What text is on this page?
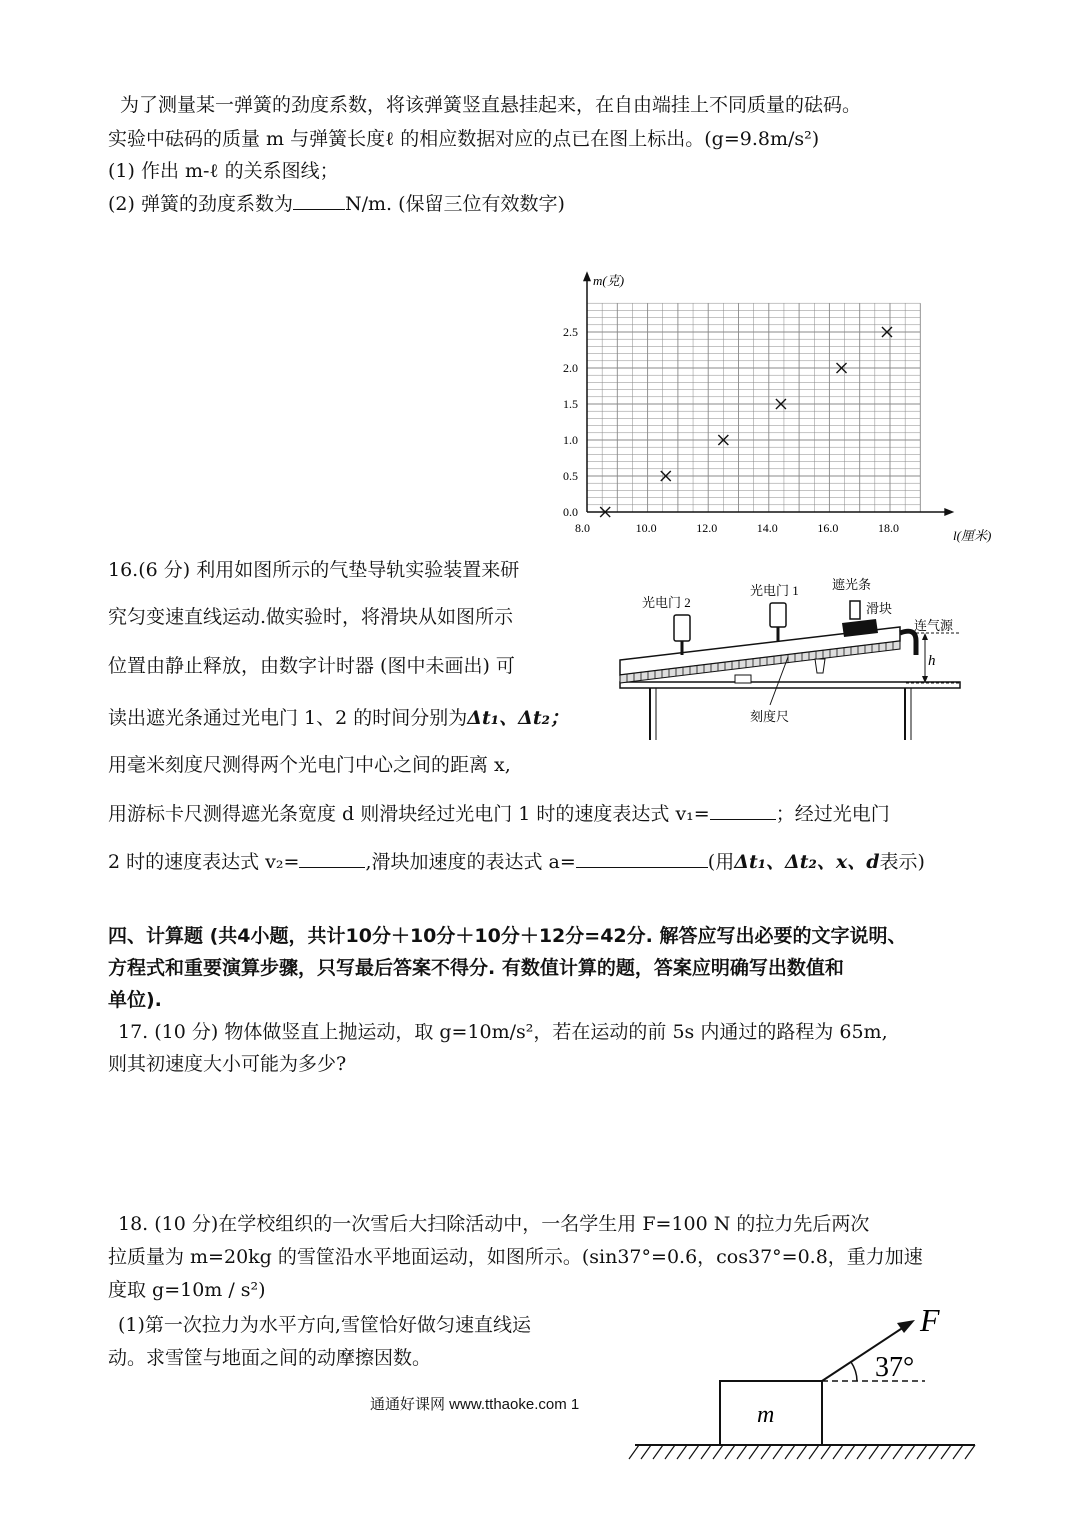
为了测量某一弹簧的劲度系数，将该弹簧竖直悬挂起来，在自由端挂上不同质量的砝码。
实验中砝码的质量 m 与弹簧长度ℓ 的相应数据对应的点已在图上标出。(g=9.8m/s²)
(1) 作出 m-ℓ 的关系图线；
(2) 弹簧的劲度系数为	N/m. (保留三位有效数字)
8.0	10.0	12.0	14.0	16.0	18.0
0.0
0.5
1.0
1.5
2.0
2.5
m(克)
l(厘米)
16.(6 分) 利用如图所示的气垫导轨实验装置来研
究匀变速直线运动.做实验时，将滑块从如图所示
位置由静止释放，由数字计时器 (图中未画出) 可
读出遮光条通过光电门 1、2 的时间分别为Δt₁、Δt₂；
用毫米刻度尺测得两个光电门中心之间的距离 x,
用游标卡尺测得遮光条宽度 d 则滑块经过光电门 1 时的速度表达式 v₁=	；经过光电门
2 时的速度表达式 v₂=	,滑块加速度的表达式 a=	(用Δt₁、Δt₂、x、d表示)
光电门 2
光电门 1	遮光条
滑块
连气源
h
刻度尺
四、计算题 (共4小题，共计10分＋10分＋10分＋12分=42分. 解答应写出必要的文字说明、
方程式和重要演算步骤，只写最后答案不得分. 有数值计算的题，答案应明确写出数值和
单位).
17. (10 分) 物体做竖直上抛运动，取 g=10m/s²，若在运动的前 5s 内通过的路程为 65m,
则其初速度大小可能为多少?
18. (10 分)在学校组织的一次雪后大扫除活动中，一名学生用 F=100 N 的拉力先后两次
拉质量为 m=20kg 的雪筐沿水平地面运动，如图所示。(sin37°=0.6，cos37°=0.8，重力加速
度取 g=10m / s²)
(1)第一次拉力为水平方向,雪筐恰好做匀速直线运
动。求雪筐与地面之间的动摩擦因数。
m
F
37°
通通好课网 www.tthaoke.com 1
